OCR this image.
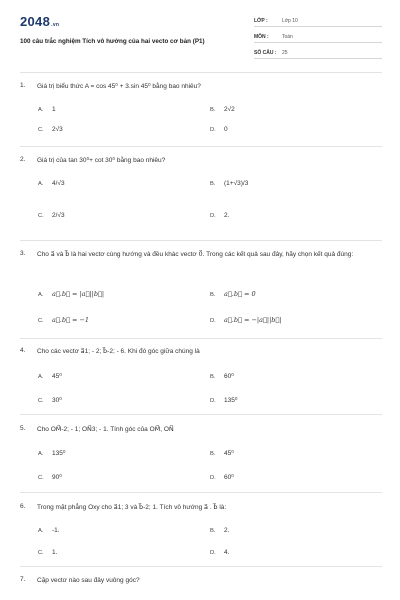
2048.vn
100 câu trắc nghiệm Tích vô hướng của hai vecto cơ bản (P1)
LỚP :	Lớp 10
MÔN :	Toán
SỐ CÂU :	25
1.	Giá trị biểu thức A = cos 45⁰ + 3.sin 45⁰ bằng bao nhiêu?
A. 1	B. 2√2
C. 2√3	D. 0
2.	Giá trị của tan 30⁰+ cot 30⁰ bằng bao nhiêu?
A. 4/√3	B. (1+√3)/3
C. 2/√3	D. 2.
3.	Cho a⃗ và b⃗ là hai vectơ cùng hướng và đều khác vectơ 0⃗. Trong các kết quả sau đây, hãy chọn kết quả đúng:
A. a⃗.b⃗ = |a⃗||b⃗|	B. a⃗.b⃗ = 0
C. a⃗.b⃗ = −1	D. a⃗.b⃗ = −|a⃗||b⃗|
4.	Cho các vectơ a⃗1; - 2; b⃗-2; - 6. Khi đó góc giữa chúng là
A. 45⁰	B. 60⁰
C. 30⁰	D. 135⁰
5.	Cho OM⃗-2; - 1; ON⃗3; - 1. Tính góc của OM⃗, ON⃗
A. 135⁰	B. 45⁰
C. 90⁰	D. 60⁰
6.	Trong mặt phẳng Oxy cho a⃗1; 3 và b⃗-2; 1. Tích vô hướng a⃗ . b⃗ là:
A. -1.	B. 2.
C. 1.	D. 4.
7.	Cặp vectơ nào sau đây vuông góc?
